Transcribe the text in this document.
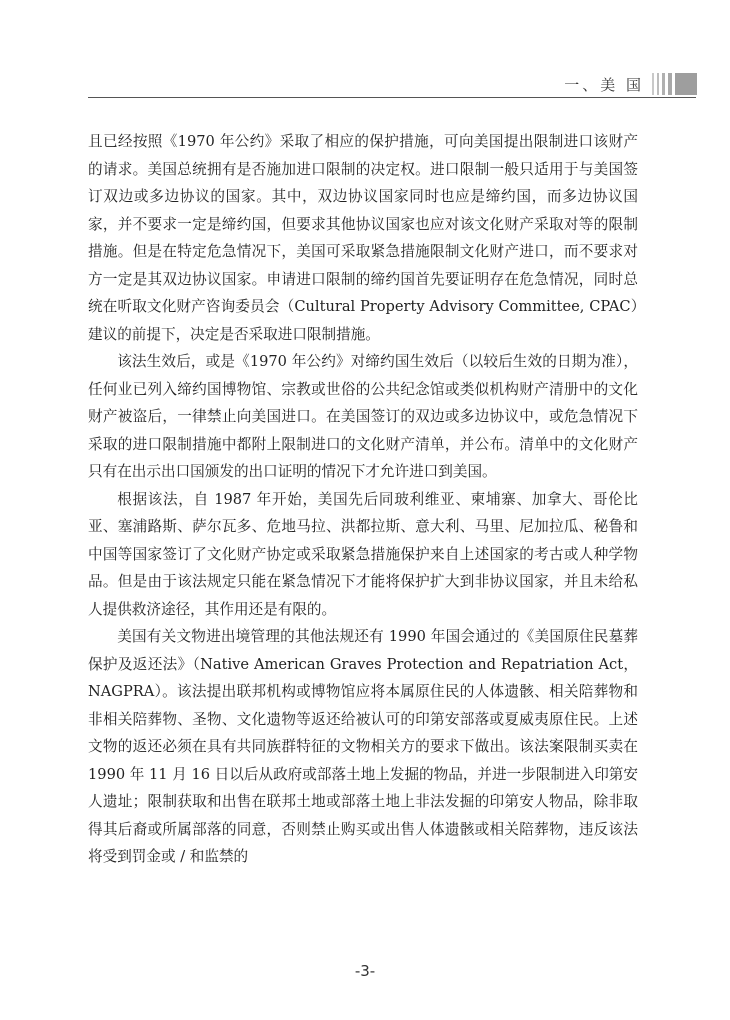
一、美 国

且已经按照《1970 年公约》采取了相应的保护措施，可向美国提出限制进口该财产的请求。美国总统拥有是否施加进口限制的决定权。进口限制一般只适用于与美国签订双边或多边协议的国家。其中，双边协议国家同时也应是缔约国，而多边协议国家，并不要求一定是缔约国，但要求其他协议国家也应对该文化财产采取对等的限制措施。但是在特定危急情况下，美国可采取紧急措施限制文化财产进口，而不要求对方一定是其双边协议国家。申请进口限制的缔约国首先要证明存在危急情况，同时总统在听取文化财产咨询委员会（Cultural Property Advisory Committee, CPAC）建议的前提下，决定是否采取进口限制措施。

该法生效后，或是《1970 年公约》对缔约国生效后（以较后生效的日期为准），任何业已列入缔约国博物馆、宗教或世俗的公共纪念馆或类似机构财产清册中的文化财产被盗后，一律禁止向美国进口。在美国签订的双边或多边协议中，或危急情况下采取的进口限制措施中都附上限制进口的文化财产清单，并公布。清单中的文化财产只有在出示出口国颁发的出口证明的情况下才允许进口到美国。

根据该法，自 1987 年开始，美国先后同玻利维亚、柬埔寨、加拿大、哥伦比亚、塞浦路斯、萨尔瓦多、危地马拉、洪都拉斯、意大利、马里、尼加拉瓜、秘鲁和中国等国家签订了文化财产协定或采取紧急措施保护来自上述国家的考古或人种学物品。但是由于该法规定只能在紧急情况下才能将保护扩大到非协议国家，并且未给私人提供救济途径，其作用还是有限的。

美国有关文物进出境管理的其他法规还有 1990 年国会通过的《美国原住民墓葬保护及返还法》（Native American Graves Protection and Repatriation Act，NAGPRA）。该法提出联邦机构或博物馆应将本属原住民的人体遗骸、相关陪葬物和非相关陪葬物、圣物、文化遗物等返还给被认可的印第安部落或夏威夷原住民。上述文物的返还必须在具有共同族群特征的文物相关方的要求下做出。该法案限制买卖在 1990 年 11 月 16 日以后从政府或部落土地上发掘的物品，并进一步限制进入印第安人遗址；限制获取和出售在联邦土地或部落土地上非法发掘的印第安人物品，除非取得其后裔或所属部落的同意，否则禁止购买或出售人体遗骸或相关陪葬物，违反该法将受到罚金或 / 和监禁的

-3-
